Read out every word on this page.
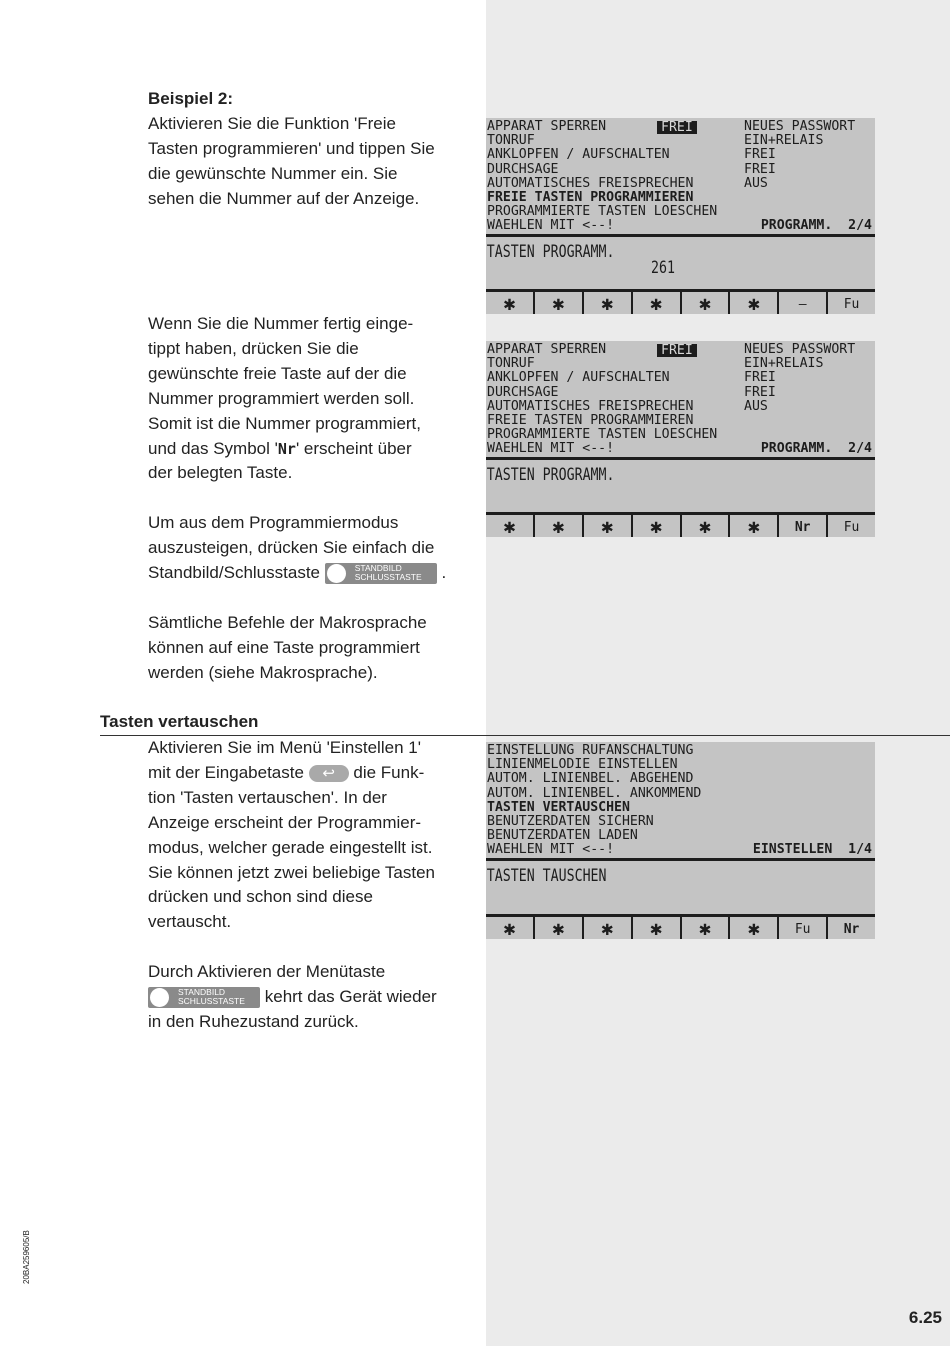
Beispiel 2:
Aktivieren Sie die Funktion 'Freie
Tasten programmieren' und tippen Sie
die gewünschte Nummer ein. Sie
sehen die Nummer auf der Anzeige.
Wenn Sie die Nummer fertig einge-
tippt haben, drücken Sie die
gewünschte freie Taste auf der die
Nummer programmiert werden soll.
Somit ist die Nummer programmiert,
und das Symbol 'Nr' erscheint über
der belegten Taste.
Um aus dem Programmiermodus
auszusteigen, drücken Sie einfach die
Standbild/Schlusstaste	STANDBILD
SCHLUSSTASTE .
Sämtliche Befehle der Makrosprache
können auf eine Taste programmiert
werden (siehe Makrosprache).
Tasten vertauschen
Aktivieren Sie im Menü 'Einstellen 1'
mit der Eingabetaste ↩ die Funk-
tion 'Tasten vertauschen'. In der
Anzeige erscheint der Programmier-
modus, welcher gerade eingestellt ist.
Sie können jetzt zwei beliebige Tasten
drücken und schon sind diese
vertauscht.
Durch Aktivieren der Menütaste
STANDBILD
SCHLUSSTASTE kehrt das Gerät wieder
in den Ruhezustand zurück.
APPARAT SPERREN	FREI	NEUES PASSWORT
TONRUF	EIN+RELAIS
ANKLOPFEN / AUFSCHALTEN	FREI
DURCHSAGE	FREI
AUTOMATISCHES FREISPRECHEN	AUS
FREIE TASTEN PROGRAMMIEREN
PROGRAMMIERTE TASTEN LOESCHEN
WAEHLEN MIT <--!	PROGRAMM.  2/4
TASTEN PROGRAMM.
261
✱	✱	✱	✱	✱	✱	—	Fu
APPARAT SPERREN	FREI	NEUES PASSWORT
TONRUF	EIN+RELAIS
ANKLOPFEN / AUFSCHALTEN	FREI
DURCHSAGE	FREI
AUTOMATISCHES FREISPRECHEN	AUS
FREIE TASTEN PROGRAMMIEREN
PROGRAMMIERTE TASTEN LOESCHEN
WAEHLEN MIT <--!	PROGRAMM.  2/4
TASTEN PROGRAMM.
✱	✱	✱	✱	✱	✱	Nr	Fu
EINSTELLUNG RUFANSCHALTUNG
LINIENMELODIE EINSTELLEN
AUTOM. LINIENBEL. ABGEHEND
AUTOM. LINIENBEL. ANKOMMEND
TASTEN VERTAUSCHEN
BENUTZERDATEN SICHERN
BENUTZERDATEN LADEN
WAEHLEN MIT <--!	EINSTELLEN  1/4
TASTEN TAUSCHEN
✱	✱	✱	✱	✱	✱	Fu	Nr
20BA259605/B
6.25
